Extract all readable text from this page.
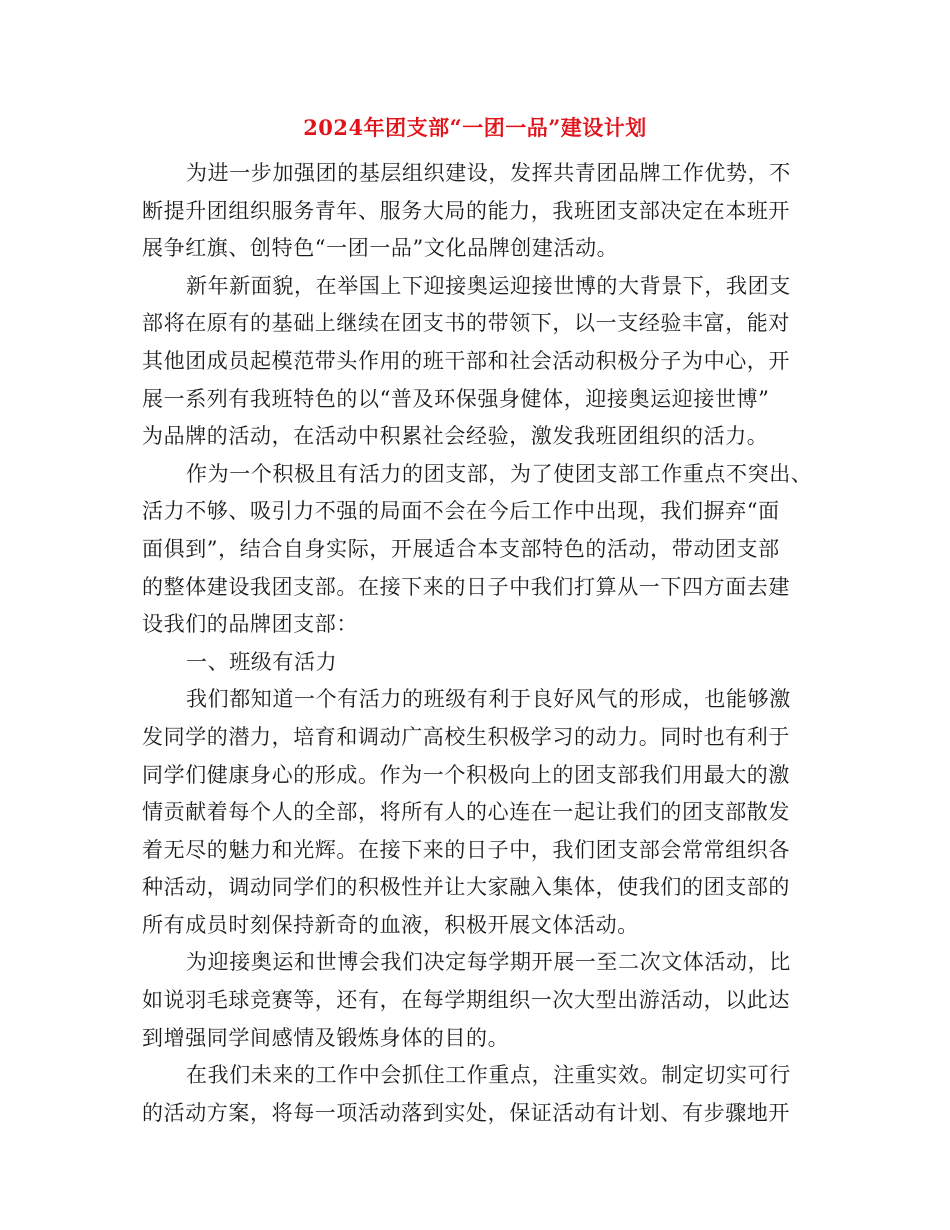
2024年团支部“一团一品”建设计划

为进一步加强团的基层组织建设，发挥共青团品牌工作优势，不
断提升团组织服务青年、服务大局的能力，我班团支部决定在本班开
展争红旗、创特色“一团一品”文化品牌创建活动。

新年新面貌，在举国上下迎接奥运迎接世博的大背景下，我团支
部将在原有的基础上继续在团支书的带领下，以一支经验丰富，能对
其他团成员起模范带头作用的班干部和社会活动积极分子为中心，开
展一系列有我班特色的以“普及环保强身健体，迎接奥运迎接世博”
为品牌的活动，在活动中积累社会经验，激发我班团组织的活力。

作为一个积极且有活力的团支部，为了使团支部工作重点不突出、
活力不够、吸引力不强的局面不会在今后工作中出现，我们摒弃“面
面俱到”，结合自身实际，开展适合本支部特色的活动，带动团支部
的整体建设我团支部。在接下来的日子中我们打算从一下四方面去建
设我们的品牌团支部：

一、班级有活力

我们都知道一个有活力的班级有利于良好风气的形成，也能够激
发同学的潜力，培育和调动广高校生积极学习的动力。同时也有利于
同学们健康身心的形成。作为一个积极向上的团支部我们用最大的激
情贡献着每个人的全部，将所有人的心连在一起让我们的团支部散发
着无尽的魅力和光辉。在接下来的日子中，我们团支部会常常组织各
种活动，调动同学们的积极性并让大家融入集体，使我们的团支部的
所有成员时刻保持新奇的血液，积极开展文体活动。

为迎接奥运和世博会我们决定每学期开展一至二次文体活动，比
如说羽毛球竞赛等，还有，在每学期组织一次大型出游活动，以此达
到增强同学间感情及锻炼身体的目的。

在我们未来的工作中会抓住工作重点，注重实效。制定切实可行
的活动方案，将每一项活动落到实处，保证活动有计划、有步骤地开
